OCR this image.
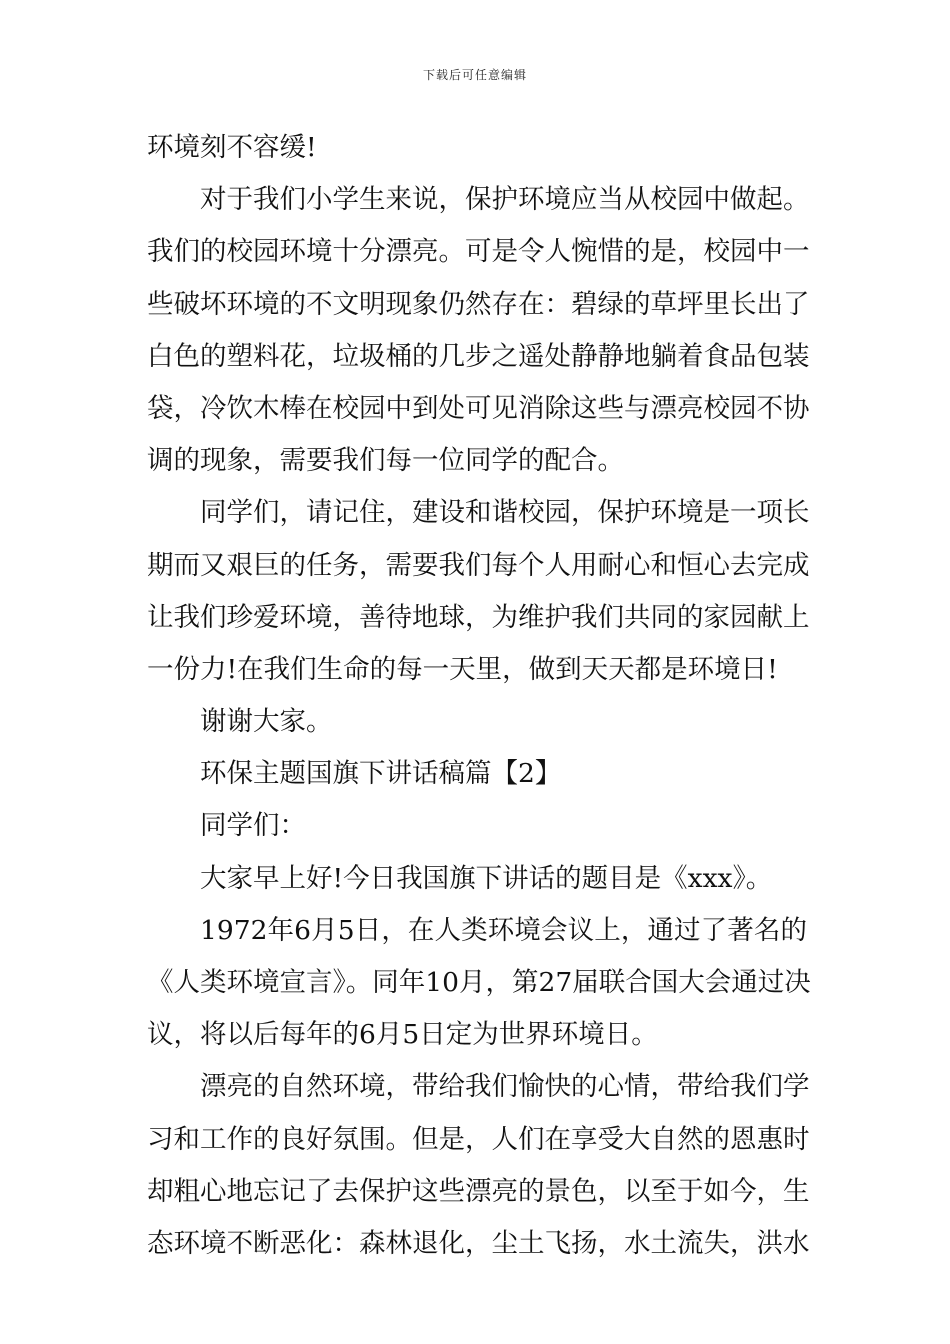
下载后可任意编辑
环境刻不容缓!
对于我们小学生来说，保护环境应当从校园中做起。
我们的校园环境十分漂亮。可是令人惋惜的是，校园中一
些破坏环境的不文明现象仍然存在：碧绿的草坪里长出了
白色的塑料花，垃圾桶的几步之遥处静静地躺着食品包装
袋，冷饮木棒在校园中到处可见消除这些与漂亮校园不协
调的现象，需要我们每一位同学的配合。
同学们，请记住，建设和谐校园，保护环境是一项长
期而又艰巨的任务，需要我们每个人用耐心和恒心去完成
让我们珍爱环境，善待地球，为维护我们共同的家园献上
一份力!在我们生命的每一天里，做到天天都是环境日!
谢谢大家。
环保主题国旗下讲话稿篇【2】
同学们：
大家早上好!今日我国旗下讲话的题目是《xxx》。
1972年6月5日，在人类环境会议上，通过了著名的
《人类环境宣言》。同年10月，第27届联合国大会通过决
议，将以后每年的6月5日定为世界环境日。
漂亮的自然环境，带给我们愉快的心情，带给我们学
习和工作的良好氛围。但是，人们在享受大自然的恩惠时
却粗心地忘记了去保护这些漂亮的景色，以至于如今，生
态环境不断恶化：森林退化，尘土飞扬，水土流失，洪水
